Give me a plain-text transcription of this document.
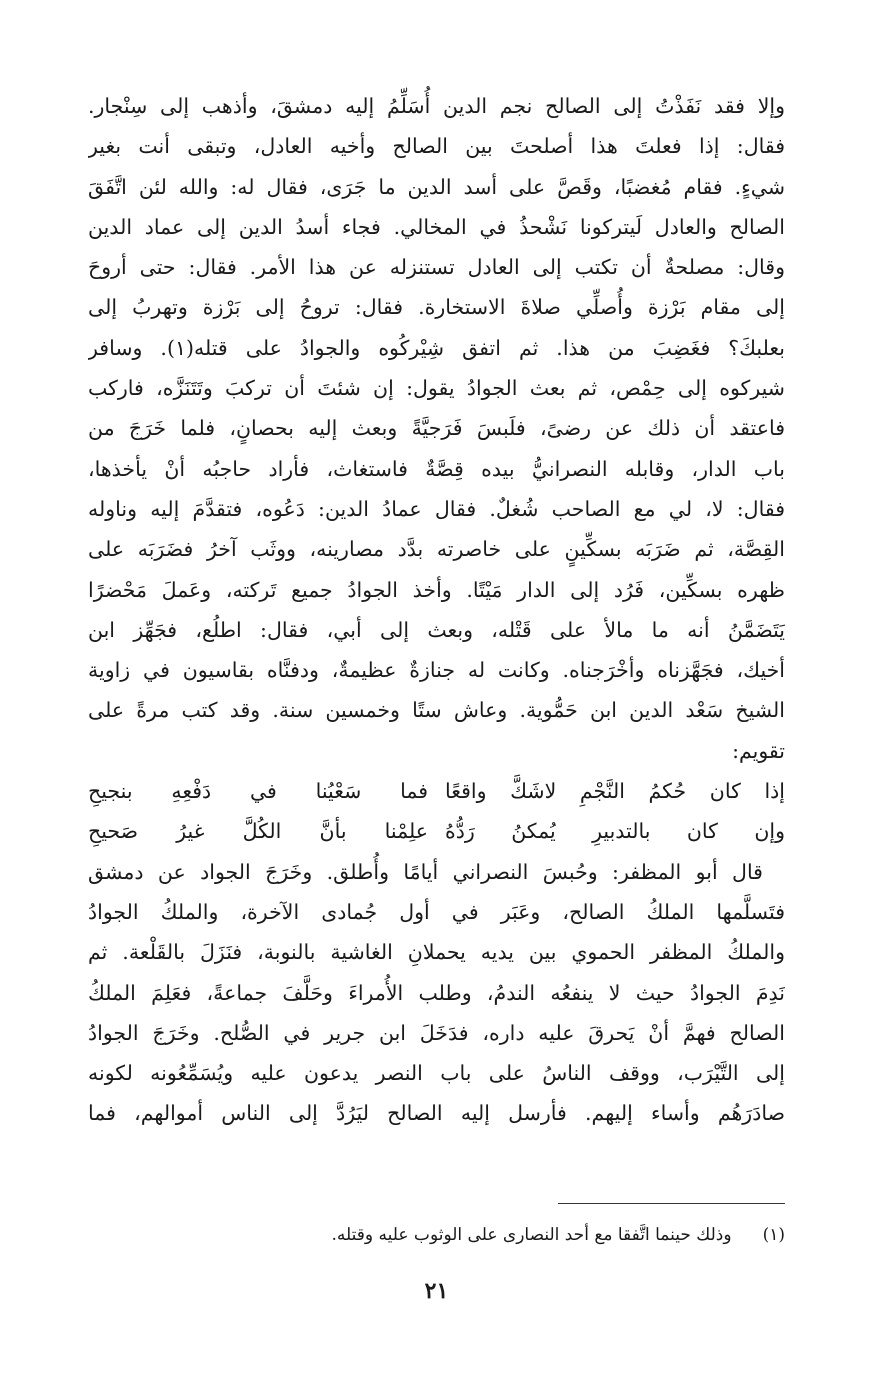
وإلا فقد نَفَذْتُ إلى الصالح نجم الدين أُسَلِّمُ إليه دمشقَ، وأذهب إلى سِنْجار.
فقال: إذا فعلتَ هذا أصلحتَ بين الصالح وأخيه العادل، وتبقى أنت بغير
شيءٍ. فقام مُغضبًا، وقَصَّ على أسد الدين ما جَرَى، فقال له: والله لئن اتَّفَقَ
الصالح والعادل لَيتركونا نَشْحذُ في المخالي. فجاء أسدُ الدين إلى عماد الدين
وقال: مصلحةٌ أن تكتب إلى العادل تستنزله عن هذا الأمر. فقال: حتى أروحَ
إلى مقام بَرْزة وأُصلِّي صلاةَ الاستخارة. فقال: تروحُ إلى بَرْزة وتهربُ إلى
بعلبكَ؟ فغَضِبَ من هذا. ثم اتفق شِيْركُوه والجوادُ على قتله(١). وسافر
شيركوه إلى حِمْص، ثم بعث الجوادُ يقول: إن شئتَ أن تركبَ وتَتَنَزَّه، فاركب
فاعتقد أن ذلك عن رضىً، فلَبسَ فَرَجيَّةً وبعث إليه بحصانٍ، فلما خَرَجَ من
باب الدار، وقابله النصرانيُّ بيده قِصَّةٌ فاستغاث، فأراد حاجبُه أنْ يأخذها،
فقال: لا، لي مع الصاحب شُغلٌ. فقال عمادُ الدين: دَعُوه، فتقدَّمَ إليه وناوله
القِصَّة، ثم ضَرَبَه بسكِّينٍ على خاصرته بدَّد مصارينه، ووثَب آخرُ فضَرَبَه على
ظهره بسكِّين، فَرُد إلى الدار مَيْتًا. وأخذ الجوادُ جميع تَركته، وعَملَ مَحْضرًا
يَتَضَمَّنُ أنه ما مالأ على قَتْله، وبعث إلى أبي، فقال: اطلُع، فجَهِّز ابن
أخيك، فجَهَّزناه وأخْرَجناه. وكانت له جنازةٌ عظيمةٌ، ودفنَّاه بقاسيون في زاوية
الشيخ سَعْد الدين ابن حَمُّوية. وعاش ستًا وخمسين سنة. وقد كتب مرةً على
تقويم:
إذا كان حُكمُ النَّجْمِ لاشَكَّ واقعًا
فما سَعْيُنا في دَفْعِهِ بنجيحِ
وإن كان بالتدبيرِ يُمكنُ رَدُّهُ
علِمْنا بأنَّ الكُلَّ غيرُ صَحيحِ
قال أبو المظفر: وحُبسَ النصراني أيامًا وأُطلق. وخَرَجَ الجواد عن دمشق
فتَسلَّمها الملكُ الصالح، وعَبَر في أول جُمادى الآخرة، والملكُ الجوادُ
والملكُ المظفر الحموي بين يديه يحملانِ الغاشية بالنوبة، فنَزَلَ بالقَلْعة. ثم
نَدِمَ الجوادُ حيث لا ينفعُه الندمُ، وطلب الأُمراءَ وحَلَّفَ جماعةً، فعَلِمَ الملكُ
الصالح فهمَّ أنْ يَحرقَ عليه داره، فدَخَلَ ابن جرير في الصُّلح. وخَرَجَ الجوادُ
إلى التَّيْرَب، ووقف الناسُ على باب النصر يدعون عليه ويُسَمِّعُونه لكونه
صادَرَهُم وأساء إليهم. فأرسل إليه الصالح ليَرُدَّ إلى الناس أموالهم، فما
(١) وذلك حينما اتَّفقا مع أحد النصارى على الوثوب عليه وقتله.
٢١
